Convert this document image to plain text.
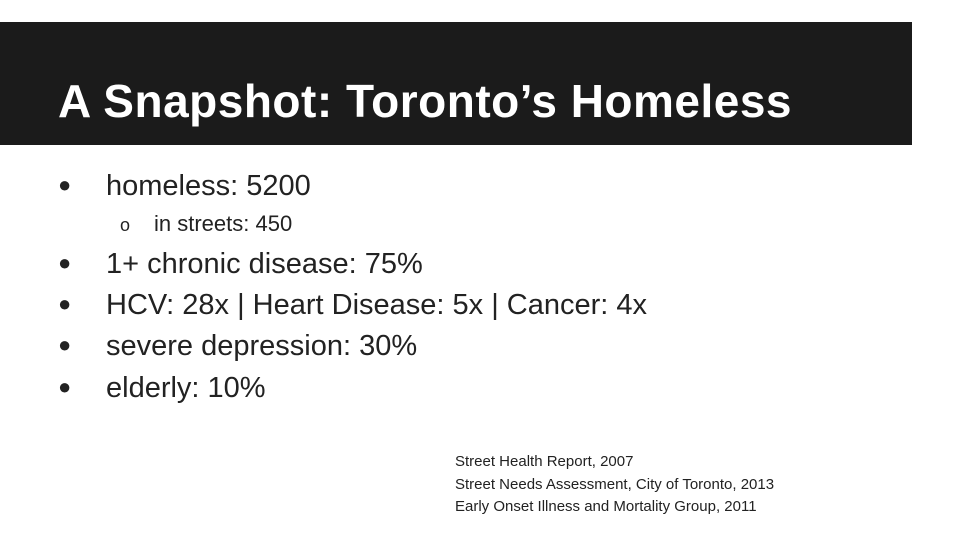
A Snapshot: Toronto’s Homeless
● homeless: 5200
o in streets: 450
● 1+ chronic disease: 75%
● HCV: 28x | Heart Disease: 5x | Cancer: 4x
● severe depression: 30%
● elderly: 10%
Street Health Report, 2007
Street Needs Assessment, City of Toronto, 2013
Early Onset Illness and Mortality Group, 2011
